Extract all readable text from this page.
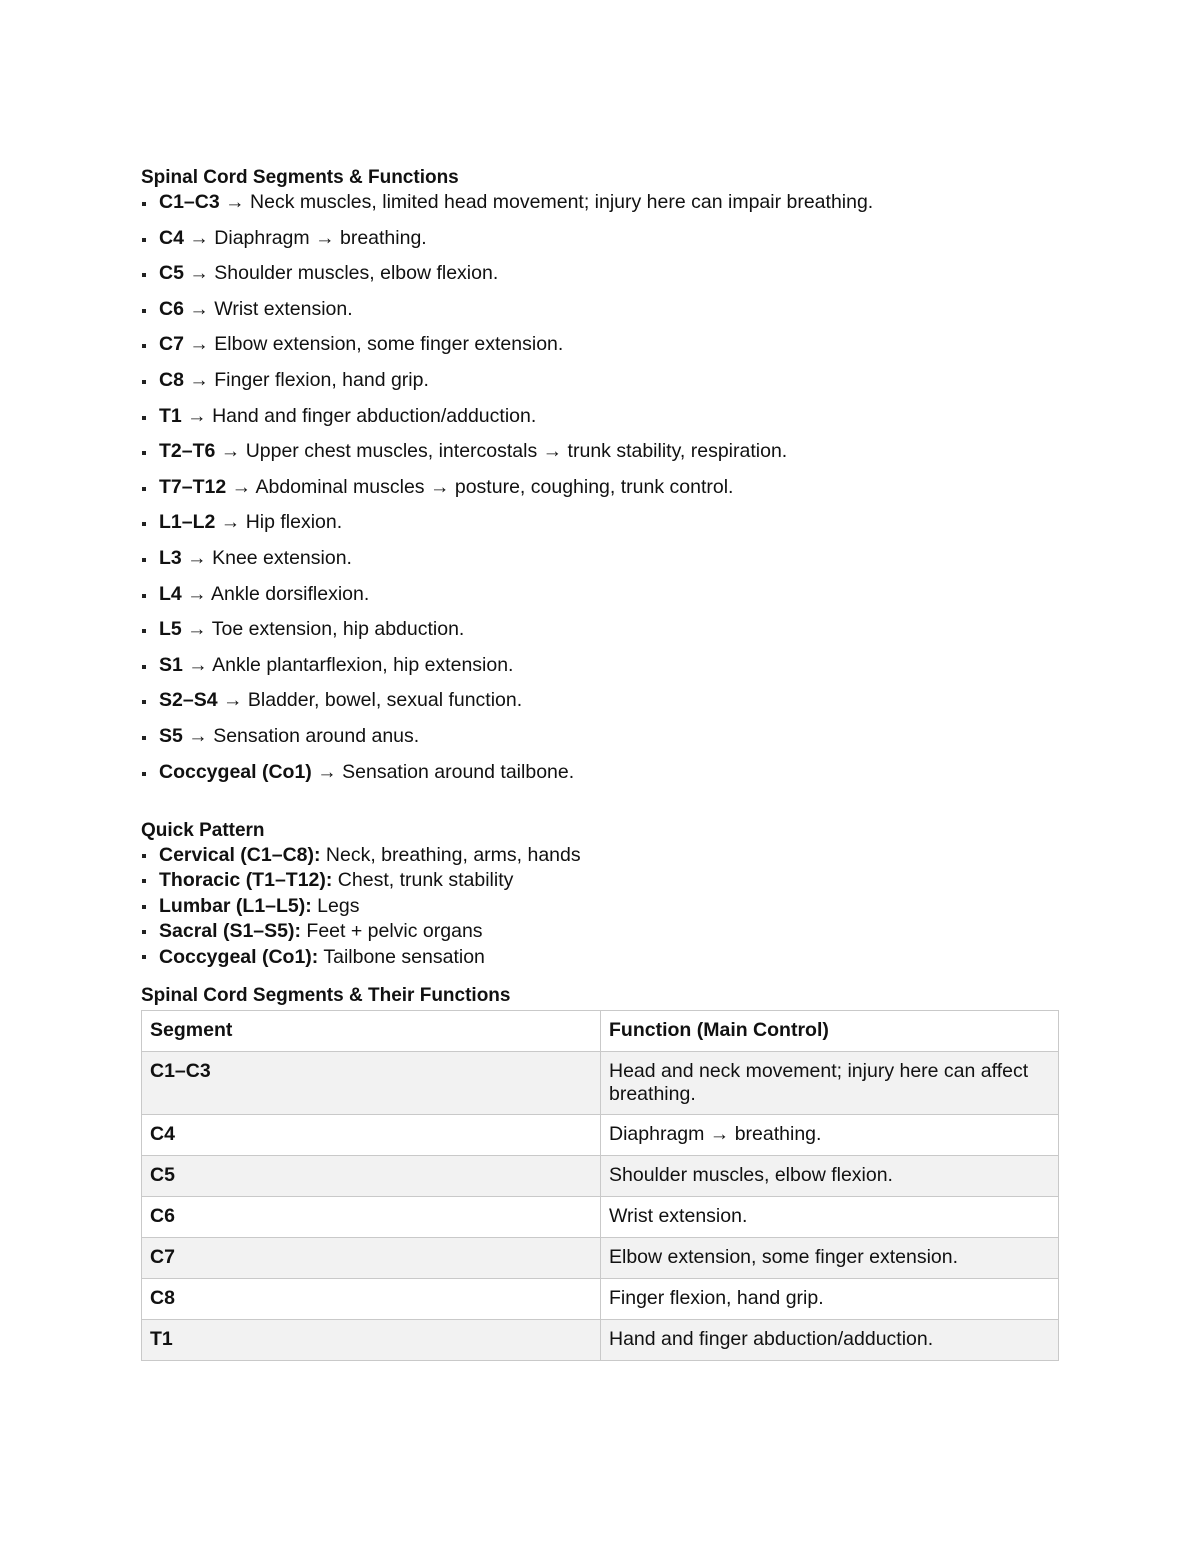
Spinal Cord Segments & Functions
C1–C3 → Neck muscles, limited head movement; injury here can impair breathing.
C4 → Diaphragm → breathing.
C5 → Shoulder muscles, elbow flexion.
C6 → Wrist extension.
C7 → Elbow extension, some finger extension.
C8 → Finger flexion, hand grip.
T1 → Hand and finger abduction/adduction.
T2–T6 → Upper chest muscles, intercostals → trunk stability, respiration.
T7–T12 → Abdominal muscles → posture, coughing, trunk control.
L1–L2 → Hip flexion.
L3 → Knee extension.
L4 → Ankle dorsiflexion.
L5 → Toe extension, hip abduction.
S1 → Ankle plantarflexion, hip extension.
S2–S4 → Bladder, bowel, sexual function.
S5 → Sensation around anus.
Coccygeal (Co1) → Sensation around tailbone.
Quick Pattern
Cervical (C1–C8): Neck, breathing, arms, hands
Thoracic (T1–T12): Chest, trunk stability
Lumbar (L1–L5): Legs
Sacral (S1–S5): Feet + pelvic organs
Coccygeal (Co1): Tailbone sensation
Spinal Cord Segments & Their Functions
Segment	Function (Main Control)
C1–C3	Head and neck movement; injury here can affect breathing.
C4	Diaphragm → breathing.
C5	Shoulder muscles, elbow flexion.
C6	Wrist extension.
C7	Elbow extension, some finger extension.
C8	Finger flexion, hand grip.
T1	Hand and finger abduction/adduction.
